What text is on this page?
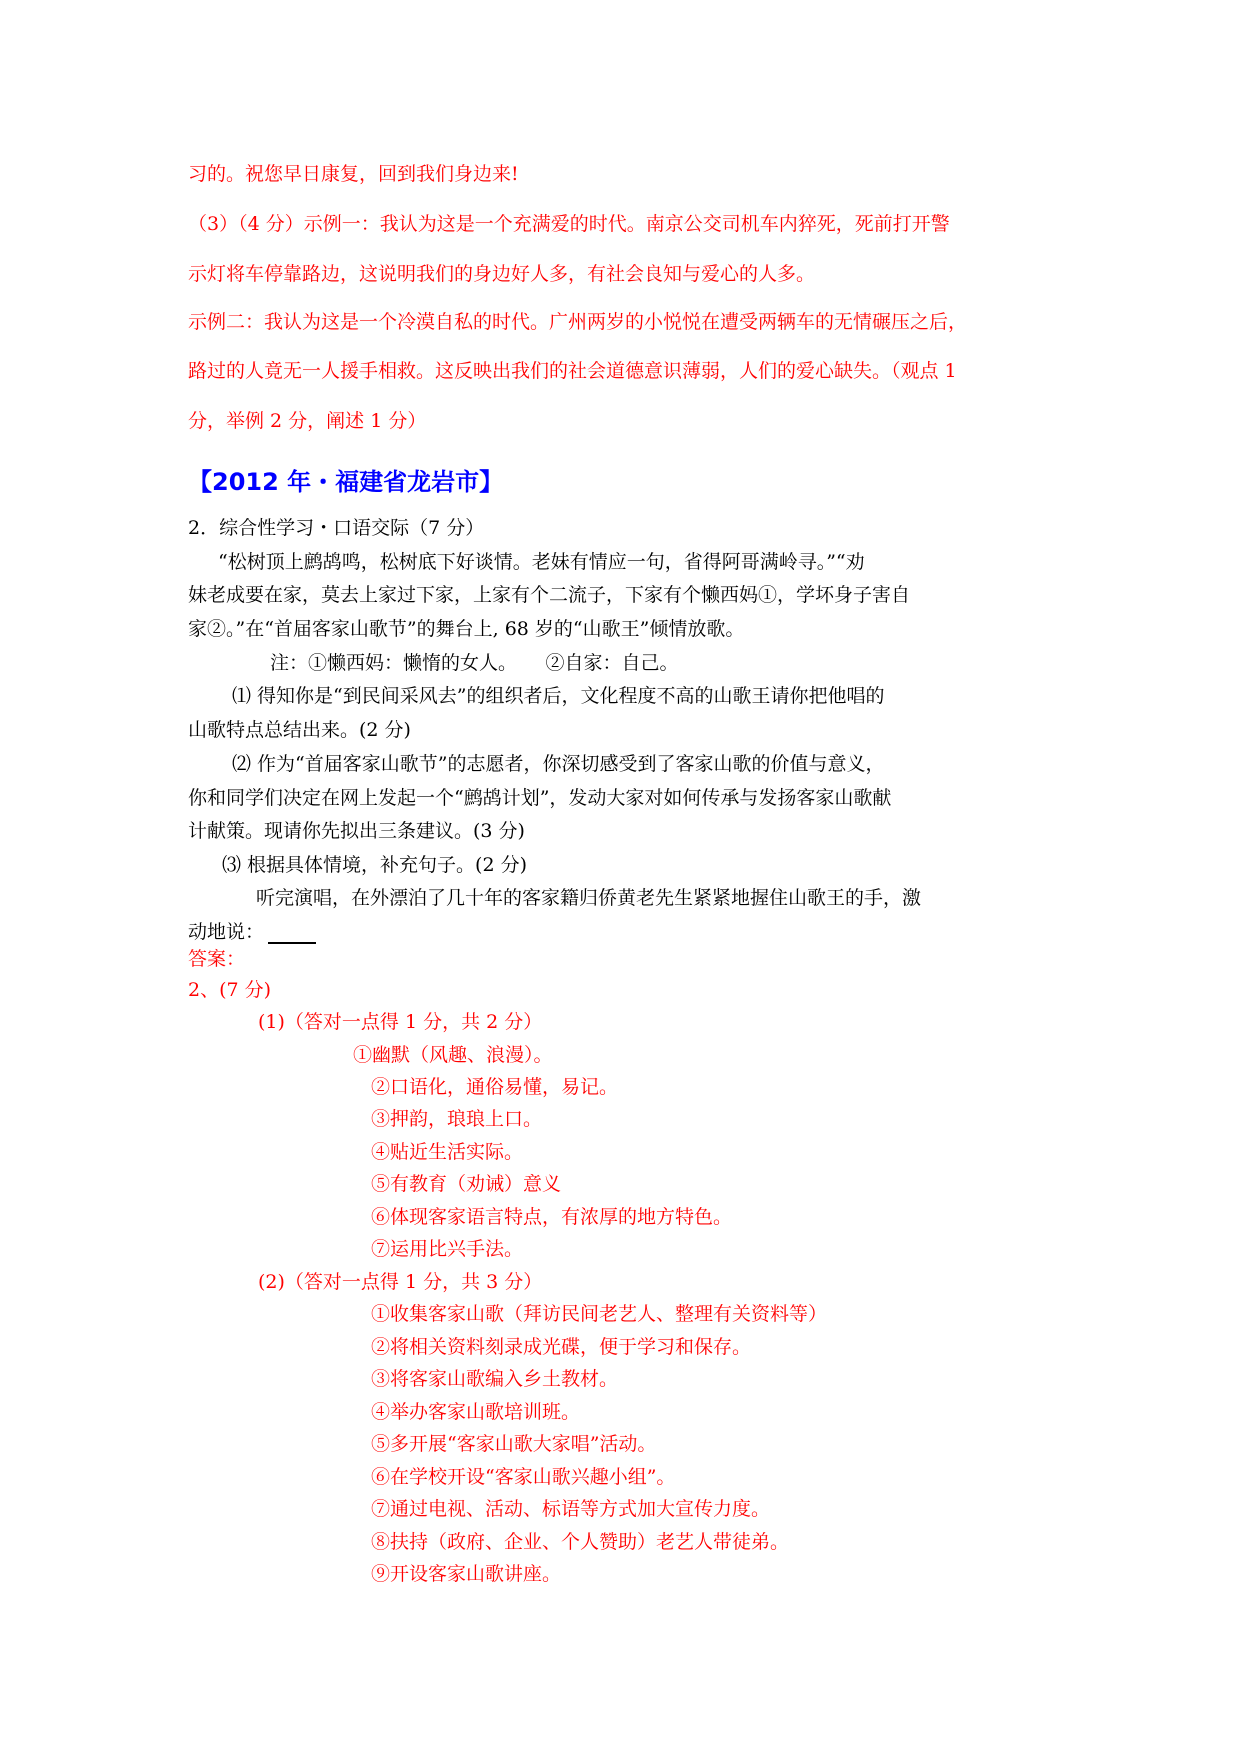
习的。祝您早日康复，回到我们身边来!
（3）（4 分）示例一：我认为这是一个充满爱的时代。南京公交司机车内猝死，死前打开警
示灯将车停靠路边，这说明我们的身边好人多，有社会良知与爱心的人多。
示例二：我认为这是一个冷漠自私的时代。广州两岁的小悦悦在遭受两辆车的无情碾压之后，
路过的人竟无一人援手相救。这反映出我们的社会道德意识薄弱，人们的爱心缺失。（观点 1
分，举例 2 分，阐述 1 分）
【2012 年・福建省龙岩市】
2．综合性学习・口语交际（7 分）
“松树顶上鹧鸪鸣，松树底下好谈情。老妹有情应一句，省得阿哥满岭寻。”“劝
妹老成要在家，莫去上家过下家，上家有个二流子，下家有个懒西妈①，学坏身子害自
家②。”在“首届客家山歌节”的舞台上, 68 岁的“山歌王”倾情放歌。
注：①懒西妈：懒惰的女人。　　②自家：自己。
⑴ 得知你是“到民间采风去”的组织者后，文化程度不高的山歌王请你把他唱的
山歌特点总结出来。(2 分)
⑵ 作为“首届客家山歌节”的志愿者，你深切感受到了客家山歌的价值与意义，
你和同学们决定在网上发起一个“鹧鸪计划”，发动大家对如何传承与发扬客家山歌献
计献策。现请你先拟出三条建议。(3 分)
⑶ 根据具体情境，补充句子。(2 分)
听完演唱，在外漂泊了几十年的客家籍归侨黄老先生紧紧地握住山歌王的手，激
动地说：
答案：
2、(7 分)
(1)（答对一点得 1 分，共 2 分）
①幽默（风趣、浪漫）。
②口语化，通俗易懂，易记。
③押韵，琅琅上口。
④贴近生活实际。
⑤有教育（劝诫）意义
⑥体现客家语言特点，有浓厚的地方特色。
⑦运用比兴手法。
(2)（答对一点得 1 分，共 3 分）
①收集客家山歌（拜访民间老艺人、整理有关资料等）
②将相关资料刻录成光碟，便于学习和保存。
③将客家山歌编入乡土教材。
④举办客家山歌培训班。
⑤多开展“客家山歌大家唱”活动。
⑥在学校开设“客家山歌兴趣小组”。
⑦通过电视、活动、标语等方式加大宣传力度。
⑧扶持（政府、企业、个人赞助）老艺人带徒弟。
⑨开设客家山歌讲座。
